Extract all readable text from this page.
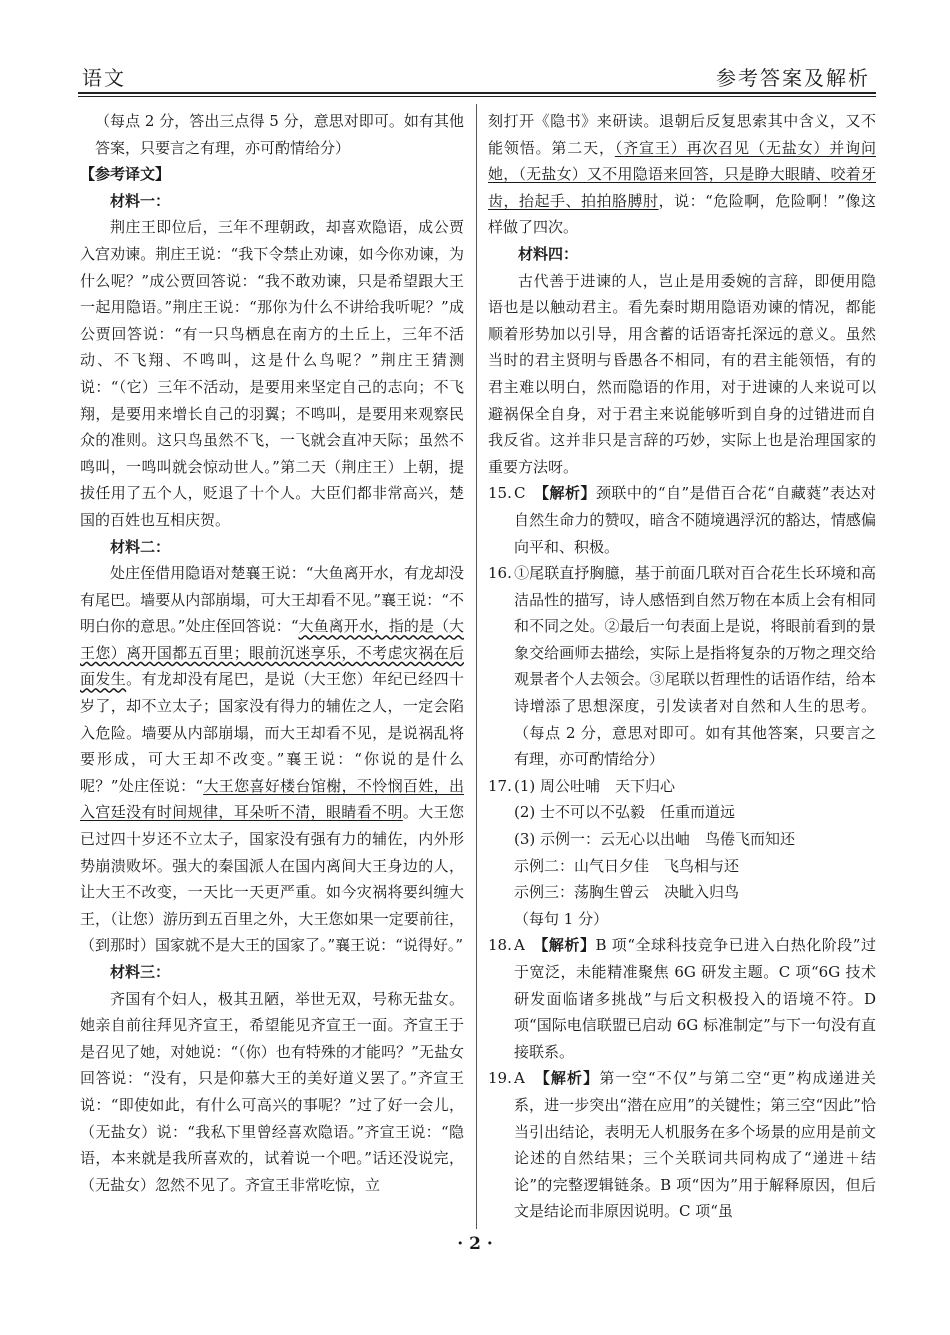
语文	参考答案及解析

（每点 2 分，答出三点得 5 分，意思对即可。如有其他答案，只要言之有理，亦可酌情给分）

【参考译文】

材料一：

荆庄王即位后，三年不理朝政，却喜欢隐语，成公贾入宫劝谏。荆庄王说：“我下令禁止劝谏，如今你劝谏，为什么呢？”成公贾回答说：“我不敢劝谏，只是希望跟大王一起用隐语。”荆庄王说：“那你为什么不讲给我听呢？”成公贾回答说：“有一只鸟栖息在南方的土丘上，三年不活动、不飞翔、不鸣叫，这是什么鸟呢？”荆庄王猜测说：“（它）三年不活动，是要用来坚定自己的志向；不飞翔，是要用来增长自己的羽翼；不鸣叫，是要用来观察民众的准则。这只鸟虽然不飞，一飞就会直冲天际；虽然不鸣叫，一鸣叫就会惊动世人。”第二天（荆庄王）上朝，提拔任用了五个人，贬退了十个人。大臣们都非常高兴，楚国的百姓也互相庆贺。

材料二：

处庄侄借用隐语对楚襄王说：“大鱼离开水，有龙却没有尾巴。墙要从内部崩塌，可大王却看不见。”襄王说：“不明白你的意思。”处庄侄回答说：“大鱼离开水，指的是（大王您）离开国都五百里；眼前沉迷享乐，不考虑灾祸在后面发生。有龙却没有尾巴，是说（大王您）年纪已经四十岁了，却不立太子；国家没有得力的辅佐之人，一定会陷入危险。墙要从内部崩塌，而大王却看不见，是说祸乱将要形成，可大王却不改变。”襄王说：“你说的是什么呢？”处庄侄说：“大王您喜好楼台馆榭，不怜悯百姓，出入宫廷没有时间规律，耳朵听不清，眼睛看不明。大王您已过四十岁还不立太子，国家没有强有力的辅佐，内外形势崩溃败坏。强大的秦国派人在国内离间大王身边的人，让大王不改变，一天比一天更严重。如今灾祸将要纠缠大王，（让您）游历到五百里之外，大王您如果一定要前往，（到那时）国家就不是大王的国家了。”襄王说：“说得好。”

材料三：

齐国有个妇人，极其丑陋，举世无双，号称无盐女。她亲自前往拜见齐宣王，希望能见齐宣王一面。齐宣王于是召见了她，对她说：“（你）也有特殊的才能吗？”无盐女回答说：“没有，只是仰慕大王的美好道义罢了。”齐宣王说：“即使如此，有什么可高兴的事呢？”过了好一会儿，（无盐女）说：“我私下里曾经喜欢隐语。”齐宣王说：“隐语，本来就是我所喜欢的，试着说一个吧。”话还没说完，（无盐女）忽然不见了。齐宣王非常吃惊，立

刻打开《隐书》来研读。退朝后反复思索其中含义，又不能领悟。第二天，（齐宣王）再次召见（无盐女）并询问她，（无盐女）又不用隐语来回答，只是睁大眼睛、咬着牙齿，抬起手、拍拍胳膊肘，说：“危险啊，危险啊！”像这样做了四次。

材料四：

古代善于进谏的人，岂止是用委婉的言辞，即便用隐语也是以触动君主。看先秦时期用隐语劝谏的情况，都能顺着形势加以引导，用含蓄的话语寄托深远的意义。虽然当时的君主贤明与昏愚各不相同，有的君主能领悟，有的君主难以明白，然而隐语的作用，对于进谏的人来说可以避祸保全自身，对于君主来说能够听到自身的过错进而自我反省。这并非只是言辞的巧妙，实际上也是治理国家的重要方法呀。

15. C　 【解析】颈联中的“自”是借百合花“自藏蕤”表达对自然生命力的赞叹，暗含不随境遇浮沉的豁达，情感偏向平和、积极。

16. ①尾联直抒胸臆，基于前面几联对百合花生长环境和高洁品性的描写，诗人感悟到自然万物在本质上会有相同和不同之处。②最后一句表面上是说，将眼前看到的景象交给画师去描绘，实际上是指将复杂的万物之理交给观景者个人去领会。③尾联以哲理性的话语作结，给本诗增添了思想深度，引发读者对自然和人生的思考。（每点 2 分，意思对即可。如有其他答案，只要言之有理，亦可酌情给分）

17. (1) 周公吐哺　天下归心

(2) 士不可以不弘毅　任重而道远

(3) 示例一：云无心以出岫　鸟倦飞而知还

示例二：山气日夕佳　飞鸟相与还

示例三：荡胸生曾云　决眦入归鸟

（每句 1 分）

18. A　 【解析】B 项“全球科技竞争已进入白热化阶段”过于宽泛，未能精准聚焦 6G 研发主题。C 项“6G 技术研发面临诸多挑战”与后文积极投入的语境不符。D 项“国际电信联盟已启动 6G 标准制定”与下一句没有直接联系。

19. A　 【解析】第一空“不仅”与第二空“更”构成递进关系，进一步突出“潜在应用”的关键性；第三空“因此”恰当引出结论，表明无人机服务在多个场景的应用是前文论述的自然结果；三个关联词共同构成了“递进＋结论”的完整逻辑链条。B 项“因为”用于解释原因，但后文是结论而非原因说明。C 项“虽

· 2 ·
